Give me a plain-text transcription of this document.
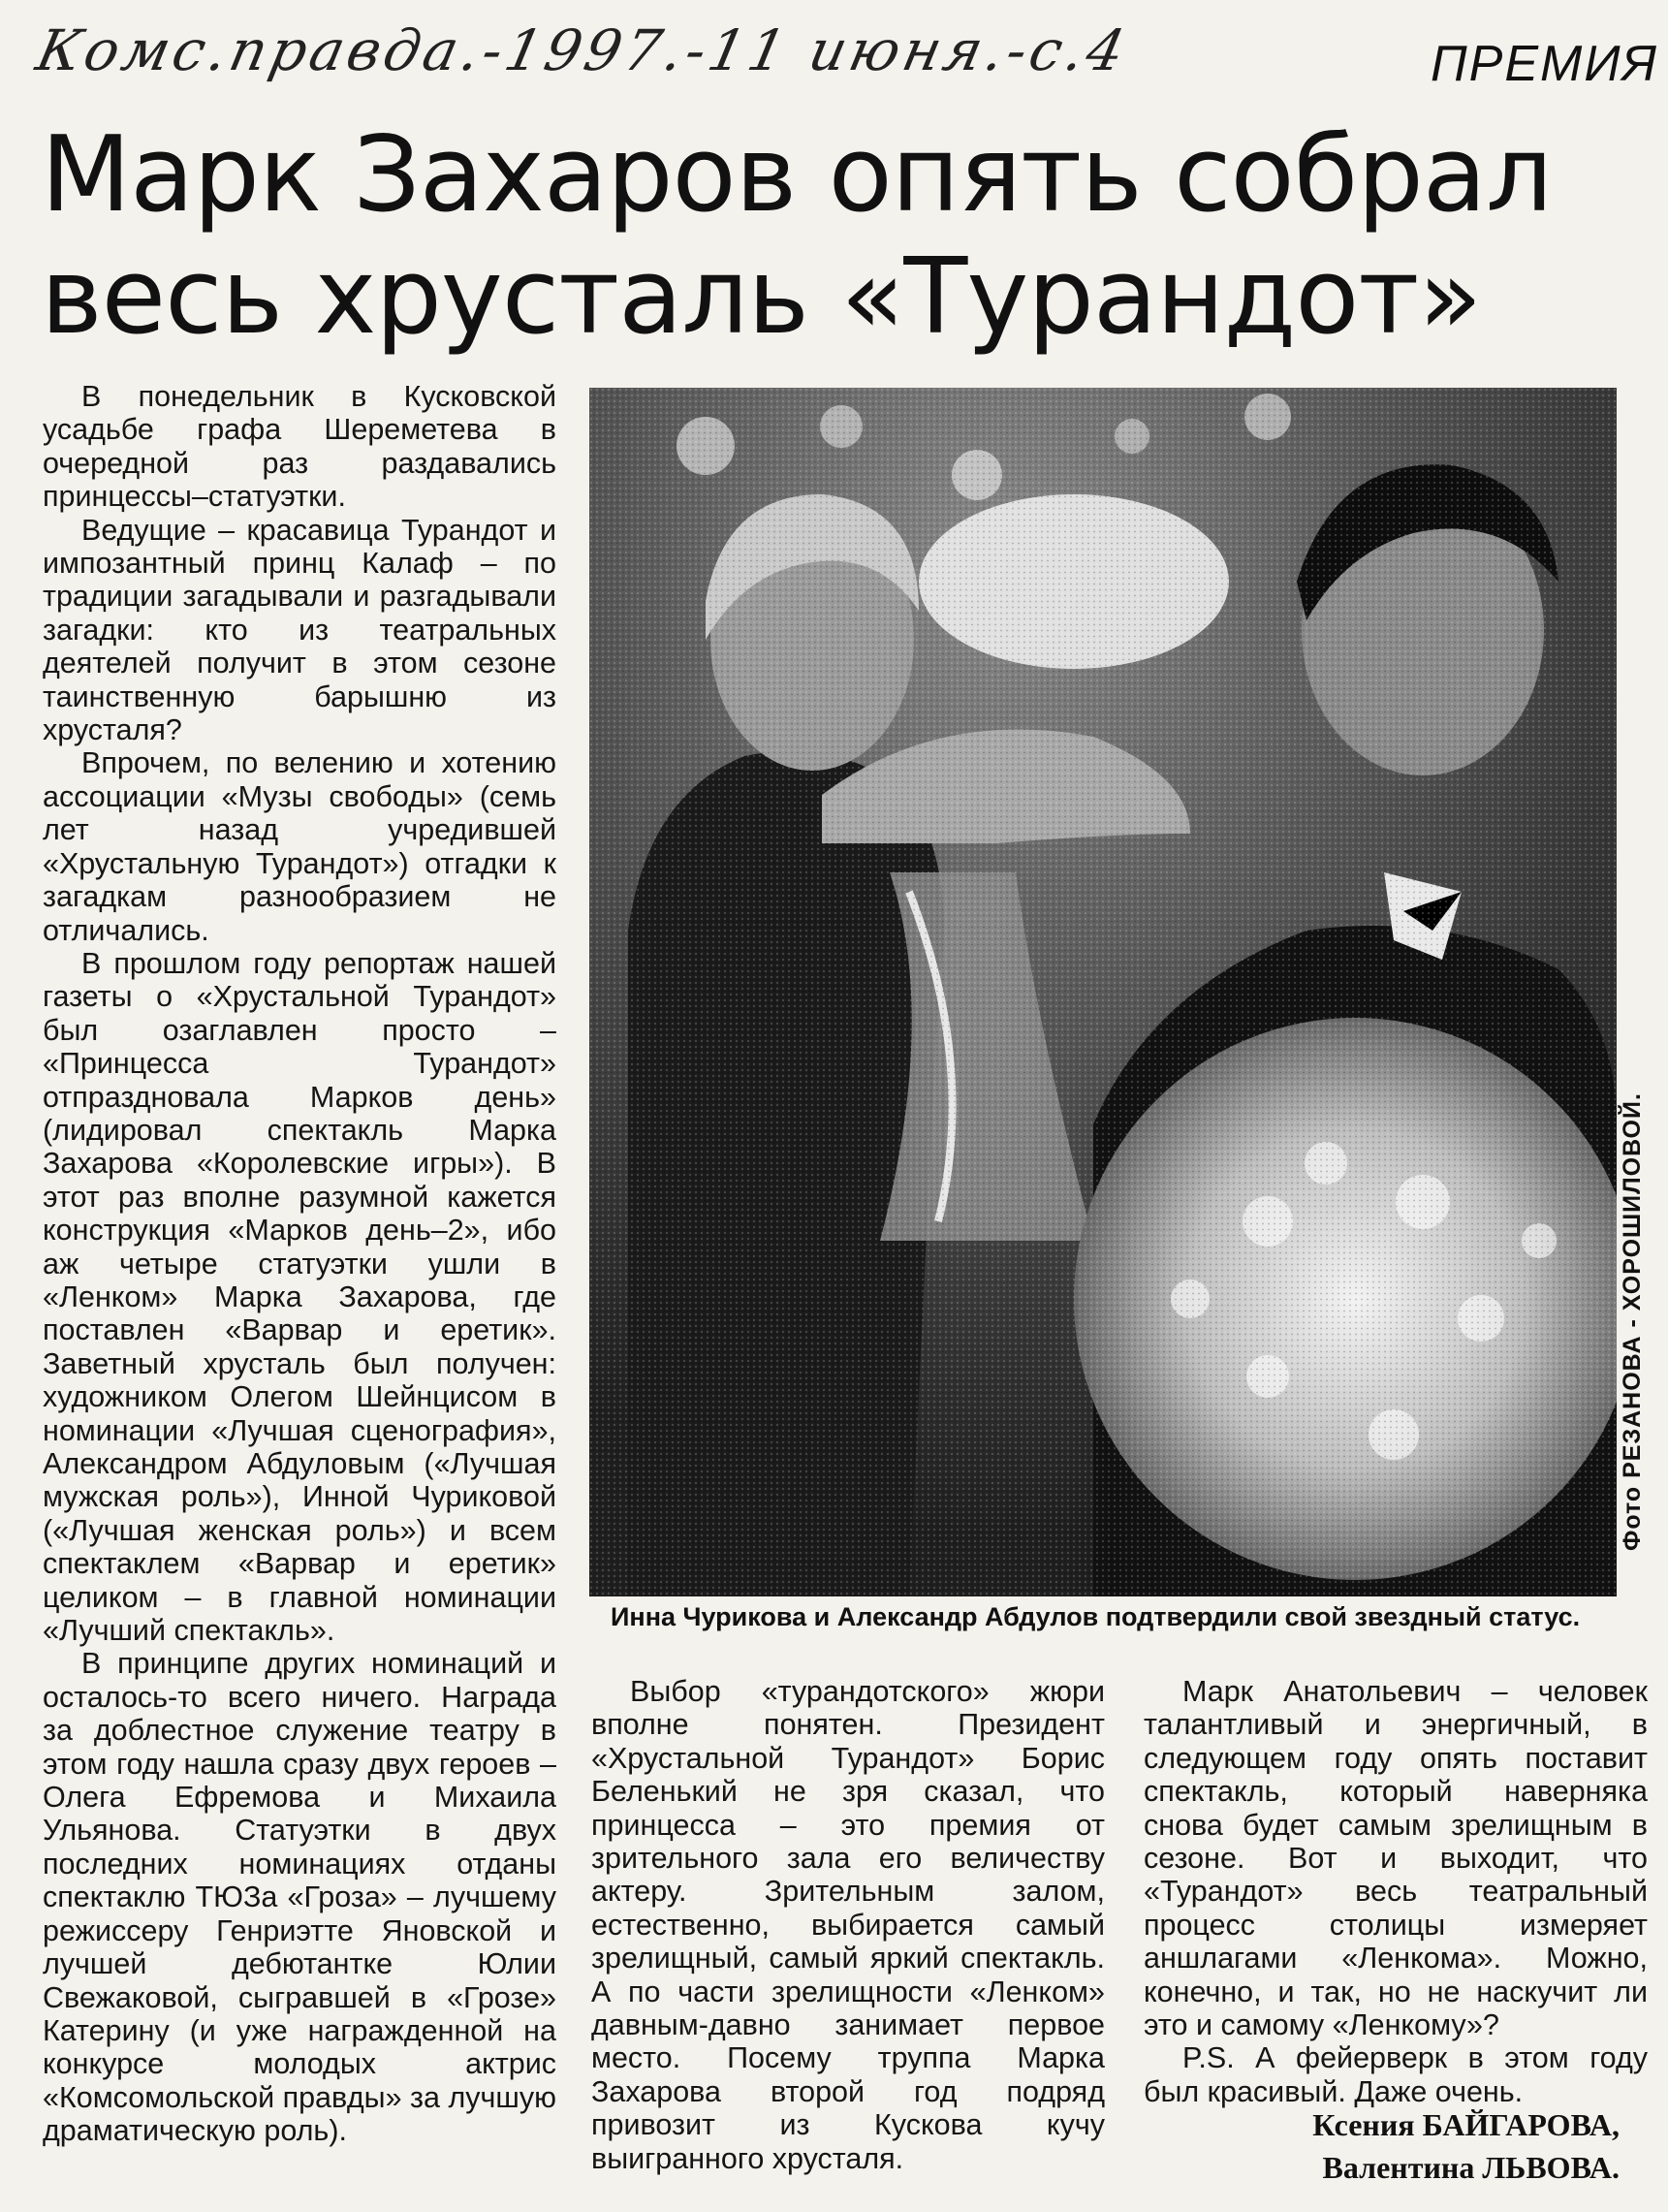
Комс.правда.-1997.-11 июня.-с.4	ПРЕМИЯ
Марк Захаров опять собрал
весь хрусталь «Турандот»

В понедельник в Кусковской усадьбе графа Шереметева в очередной раз раздавались принцессы–статуэтки.

Ведущие – красавица Турандот и импозантный принц Калаф – по традиции загадывали и разгадывали загадки: кто из театральных деятелей получит в этом сезоне таинственную барышню из хрусталя?

Впрочем, по велению и хотению ассоциации «Музы свободы» (семь лет назад учредившей «Хрустальную Турандот») отгадки к загадкам разнообразием не отличались.

В прошлом году репортаж нашей газеты о «Хрустальной Турандот» был озаглавлен просто – «Принцесса Турандот» отпраздновала Марков день» (лидировал спектакль Марка Захарова «Королевские игры»). В этот раз вполне разумной кажется конструкция «Марков день–2», ибо аж четыре статуэтки ушли в «Ленком» Марка Захарова, где поставлен «Варвар и еретик». Заветный хрусталь был получен: художником Олегом Шейнцисом в номинации «Лучшая сценография», Александром Абдуловым («Лучшая мужская роль»), Инной Чуриковой («Лучшая женская роль») и всем спектаклем «Варвар и еретик» целиком – в главной номинации «Лучший спектакль».

В принципе других номинаций и осталось-то всего ничего. Награда за доблестное служение театру в этом году нашла сразу двух героев – Олега Ефремова и Михаила Ульянова. Статуэтки в двух последних номинациях отданы спектаклю ТЮЗа «Гроза» – лучшему режиссеру Генриэтте Яновской и лучшей дебютантке Юлии Свежаковой, сыгравшей в «Грозе» Катерину (и уже награжденной на конкурсе молодых актрис «Комсомольской правды» за лучшую драматическую роль).

Фото РЕЗАНОВА - ХОРОШИЛОВОЙ.
Инна Чурикова и Александр Абдулов подтвердили свой звездный статус.

Выбор «турандотского» жюри вполне понятен. Президент «Хрустальной Турандот» Борис Беленький не зря сказал, что принцесса – это премия от зрительного зала его величеству актеру. Зрительным залом, естественно, выбирается самый зрелищный, самый яркий спектакль. А по части зрелищности «Ленком» давным-давно занимает первое место. Посему труппа Марка Захарова второй год подряд привозит из Кускова кучу выигранного хрусталя.

Марк Анатольевич – человек талантливый и энергичный, в следующем году опять поставит спектакль, который наверняка снова будет самым зрелищным в сезоне. Вот и выходит, что «Турандот» весь театральный процесс столицы измеряет аншлагами «Ленкома». Можно, конечно, и так, но не наскучит ли это и самому «Ленкому»?

P.S. А фейерверк в этом году был красивый. Даже очень.

Ксения БАЙГАРОВА,
Валентина ЛЬВОВА.
